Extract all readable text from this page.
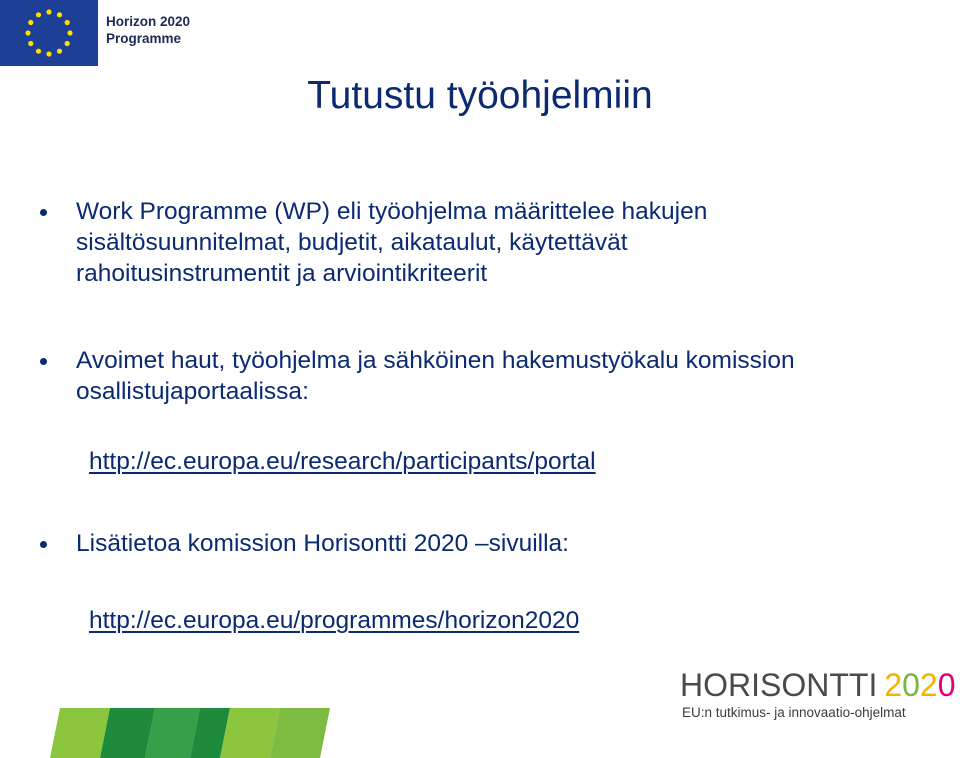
Horizon 2020
Programme
Tutustu työohjelmiin
Work Programme (WP) eli työohjelma määrittelee hakujen sisältösuunnitelmat, budjetit, aikataulut, käytettävät rahoitusinstrumentit ja arviointikriteerit
Avoimet haut, työohjelma ja sähköinen hakemustyökalu komission osallistujaportaalissa:
http://ec.europa.eu/research/participants/portal
Lisätietoa komission Horisontti 2020 –sivuilla:
http://ec.europa.eu/programmes/horizon2020
HORISONTTI 2020
EU:n tutkimus- ja innovaatio-ohjelmat
